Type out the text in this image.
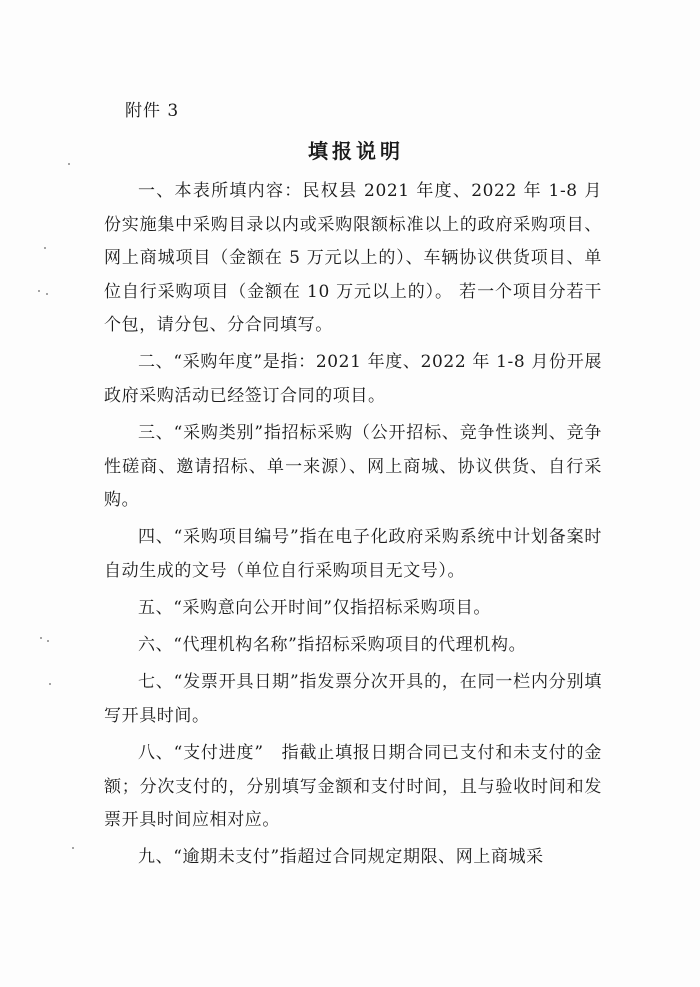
附件 3
填报说明

一、本表所填内容：民权县 2021 年度、2022 年 1-8 月份实施集中采购目录以内或采购限额标准以上的政府采购项目、网上商城项目（金额在 5 万元以上的）、车辆协议供货项目、单位自行采购项目（金额在 10 万元以上的）。 若一个项目分若干个包，请分包、分合同填写。

二、“采购年度”是指：2021 年度、2022 年 1-8 月份开展政府采购活动已经签订合同的项目。

三、“采购类别”指招标采购（公开招标、竞争性谈判、竞争性磋商、邀请招标、单一来源）、网上商城、协议供货、自行采购。

四、“采购项目编号”指在电子化政府采购系统中计划备案时自动生成的文号（单位自行采购项目无文号）。

五、“采购意向公开时间”仅指招标采购项目。

六、“代理机构名称”指招标采购项目的代理机构。

七、“发票开具日期”指发票分次开具的，在同一栏内分别填写开具时间。

八、“支付进度”　指截止填报日期合同已支付和未支付的金额；分次支付的，分别填写金额和支付时间，且与验收时间和发票开具时间应相对应。

九、“逾期未支付”指超过合同规定期限、网上商城采
